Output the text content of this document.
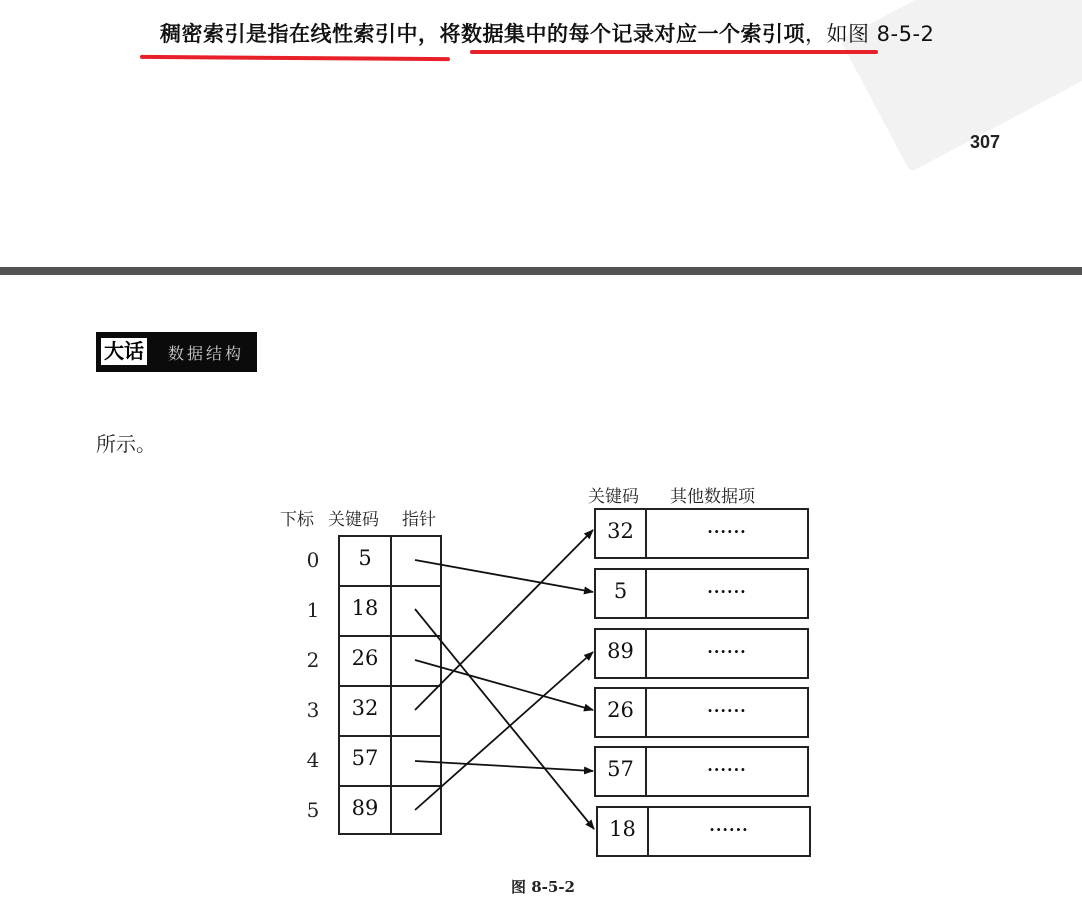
稠密索引是指在线性索引中，将数据集中的每个记录对应一个索引项，如图 8-5-2
307
大话 数据结构
所示。
下标 关键码 指针
关键码 其他数据项
0	5
1	18
2	26
3	32
4	57
5	89
32	······
5	······
89	······
26	······
57	······
18	······
图 8-5-2
